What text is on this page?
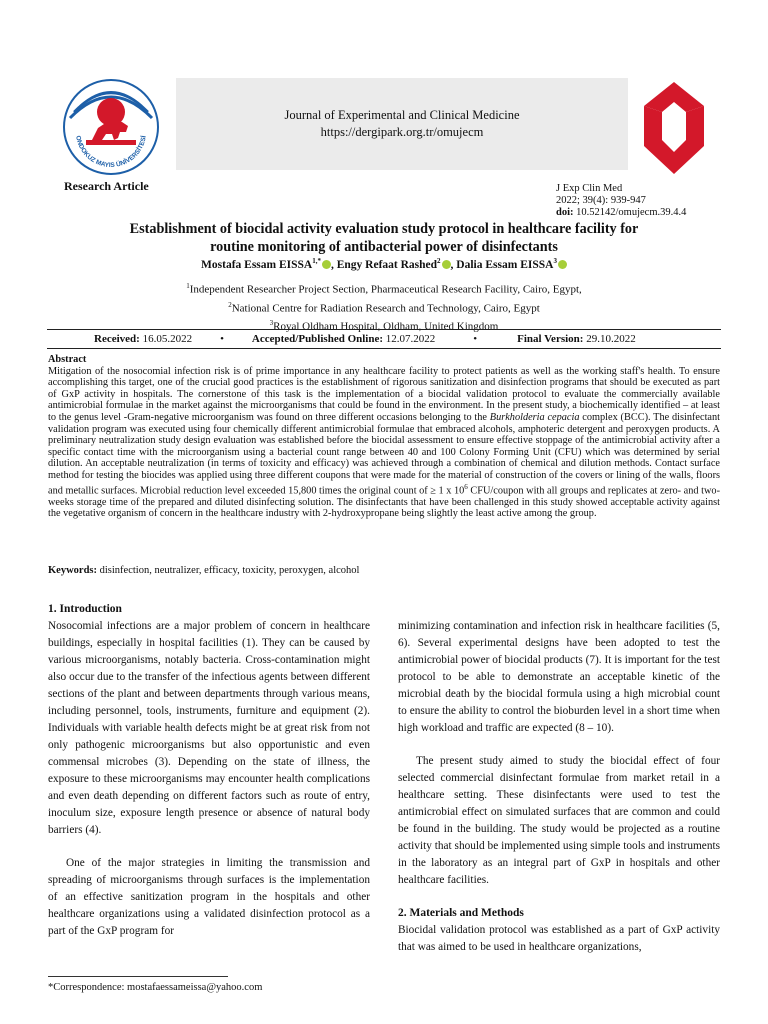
ONDOKUZ MAYIS ÜNİVERSİTESİ
Journal of Experimental and Clinical Medicine
https://dergipark.org.tr/omujecm
Research Article	J Exp Clin Med
2022; 39(4): 939-947
doi: 10.52142/omujecm.39.4.4
Establishment of biocidal activity evaluation study protocol in healthcare facility for
routine monitoring of antibacterial power of disinfectants
Mostafa Essam $EISSA^{1,*}$ , Engy Refaat Rashed$^2$ , Dalia Essam EISSA$^3$
$^1$Independent Researcher Project Section, Pharmaceutical Research Facility, Cairo, Egypt,
$^2$National Centre for Radiation Research and Technology, Cairo, Egypt
$^3$Royal Oldham Hospital, Oldham, United Kingdom
Received: 16.05.2022	•	Accepted/Published Online: 12.07.2022	•	Final Version: 29.10.2022
Abstract
Mitigation of the nosocomial infection risk is of prime importance in any healthcare facility to protect patients as well as the working staff's health. To ensure accomplishing this target, one of the crucial good practices is the establishment of rigorous sanitization and disinfection programs that should be executed as part of GxP activity in hospitals. The cornerstone of this task is the implementation of a biocidal validation protocol to evaluate the commercially available antimicrobial formulae in the market against the microorganisms that could be found in the environment. In the present study, a biochemically identified – at least to the genus level -Gram-negative microorganism was found on three different occasions belonging to the Burkholderia cepacia complex (BCC). The disinfectant validation program was executed using four chemically different antimicrobial formulae that embraced alcohols, amphoteric detergent and peroxygen products. A preliminary neutralization study design evaluation was established before the biocidal assessment to ensure effective stoppage of the antimicrobial activity after a specific contact time with the microorganism using a bacterial count range between 40 and 100 Colony Forming Unit (CFU) which was determined by serial dilution. An acceptable neutralization (in terms of toxicity and efficacy) was achieved through a combination of chemical and dilution methods. Contact surface method for testing the biocides was applied using three different coupons that were made for the material of construction of the covers or lining of the walls, floors and metallic surfaces. Microbial reduction level exceeded 15,800 times the original count of ≥ 1 x $10^6$ CFU/coupon with all groups and replicates at zero- and two-weeks storage time of the prepared and diluted disinfecting solution. The disinfectants that have been challenged in this study showed acceptable activity against the vegetative organism of concern in the healthcare industry with 2-hydroxypropane being slightly the least active among the group.
Keywords: disinfection, neutralizer, efficacy, toxicity, peroxygen, alcohol
1. Introduction

Nosocomial infections are a major problem of concern in healthcare buildings, especially in hospital facilities (1). They can be caused by various microorganisms, notably bacteria. Cross-contamination might also occur due to the transfer of the infectious agents between different sections of the plant and between departments through various means, including personnel, tools, instruments, furniture and equipment (2). Individuals with variable health defects might be at great risk from not only pathogenic microorganisms but also opportunistic and even commensal microbes (3). Depending on the state of illness, the exposure to these microorganisms may encounter health complications and even death depending on different factors such as route of entry, inoculum size, exposure length presence or absence of natural body barriers (4).

One of the major strategies in limiting the transmission and spreading of microorganisms through surfaces is the implementation of an effective sanitization program in the hospitals and other healthcare organizations using a validated disinfection protocol as a part of the GxP program for

minimizing contamination and infection risk in healthcare facilities (5, 6). Several experimental designs have been adopted to test the antimicrobial power of biocidal products (7). It is important for the test protocol to be able to demonstrate an acceptable kinetic of the microbial death by the biocidal formula using a high microbial count to ensure the ability to control the bioburden level in a short time when high workload and traffic are expected (8 – 10).

The present study aimed to study the biocidal effect of four selected commercial disinfectant formulae from market retail in a healthcare setting. These disinfectants were used to test the antimicrobial effect on simulated surfaces that are common and could be found in the building. The study would be projected as a routine activity that should be implemented using simple tools and instruments in the laboratory as an integral part of GxP in hospitals and other healthcare facilities.

2. Materials and Methods

Biocidal validation protocol was established as a part of GxP activity that was aimed to be used in healthcare organizations,

*Correspondence: mostafaessameissa@yahoo.com
